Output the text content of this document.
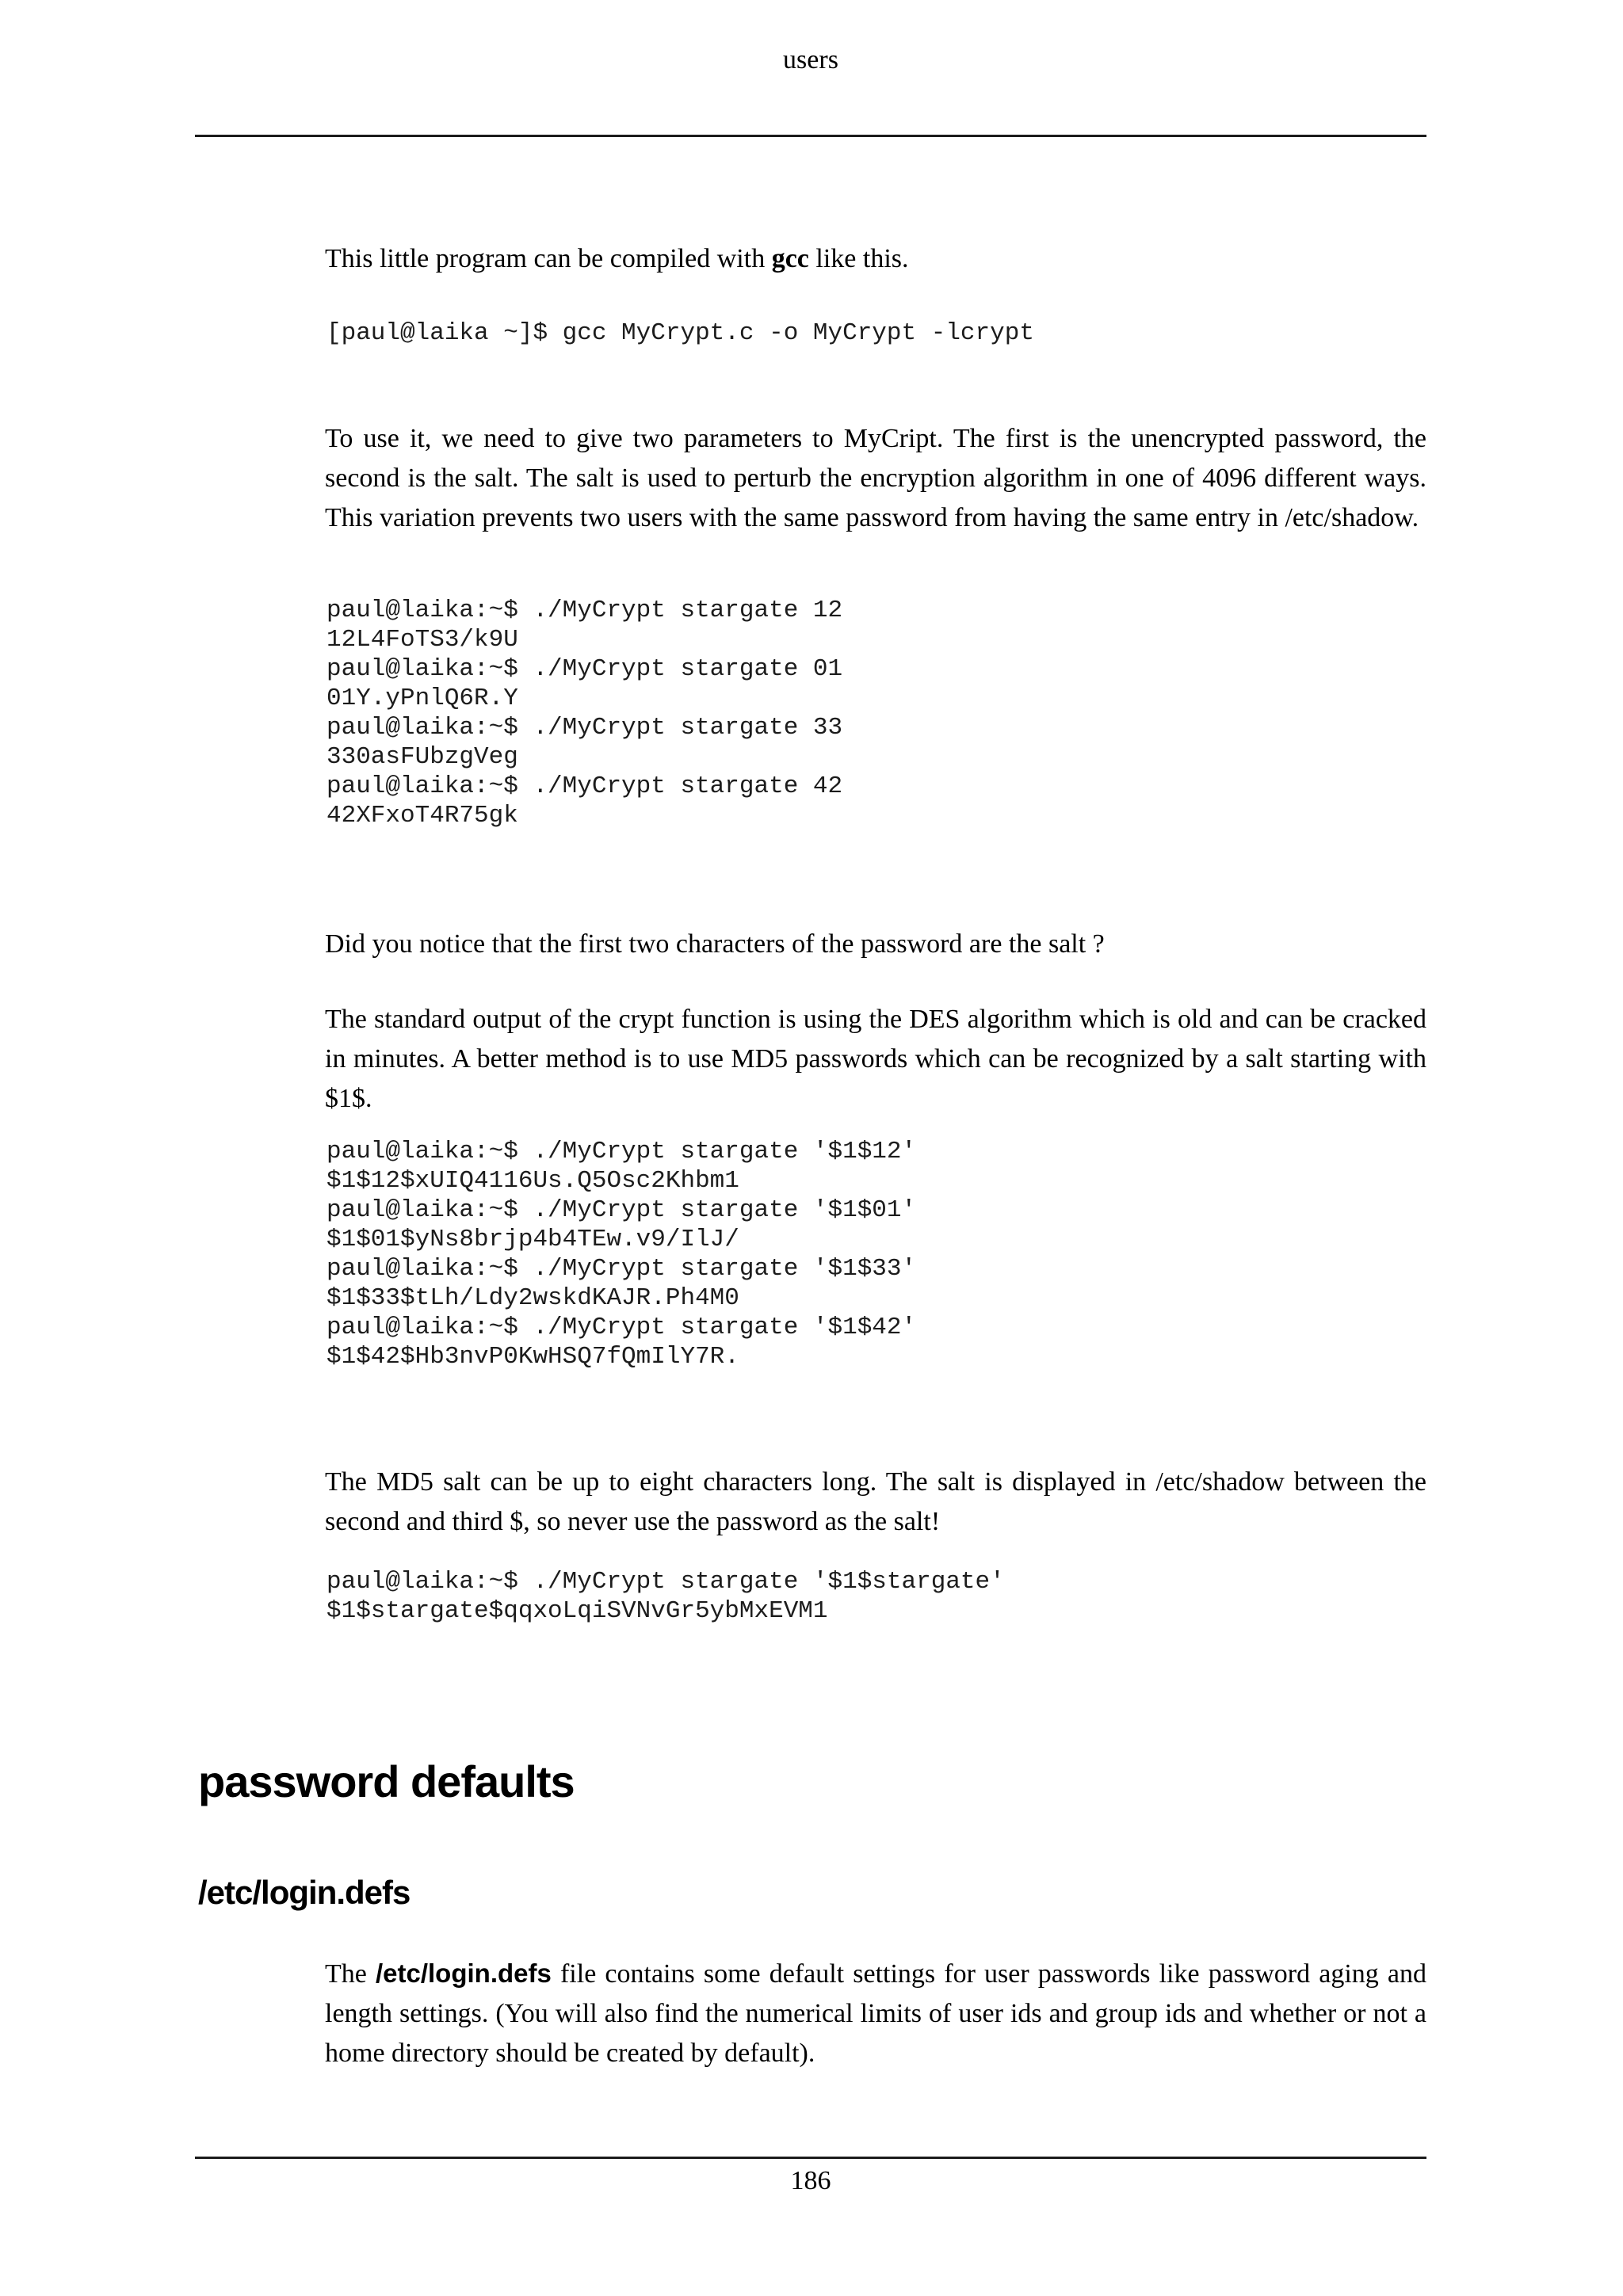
users

This little program can be compiled with gcc like this.

[paul@laika ~]$ gcc MyCrypt.c -o MyCrypt -lcrypt

To use it, we need to give two parameters to MyCript. The first is the unencrypted password, the second is the salt. The salt is used to perturb the encryption algorithm in one of 4096 different ways. This variation prevents two users with the same password from having the same entry in /etc/shadow.

paul@laika:~$ ./MyCrypt stargate 12
12L4FoTS3/k9U
paul@laika:~$ ./MyCrypt stargate 01
01Y.yPnlQ6R.Y
paul@laika:~$ ./MyCrypt stargate 33
330asFUbzgVeg
paul@laika:~$ ./MyCrypt stargate 42
42XFxoT4R75gk

Did you notice that the first two characters of the password are the salt ?

The standard output of the crypt function is using the DES algorithm which is old and can be cracked in minutes. A better method is to use MD5 passwords which can be recognized by a salt starting with $1$.

paul@laika:~$ ./MyCrypt stargate '$1$12'
$1$12$xUIQ4116Us.Q5Osc2Khbm1
paul@laika:~$ ./MyCrypt stargate '$1$01'
$1$01$yNs8brjp4b4TEw.v9/IlJ/
paul@laika:~$ ./MyCrypt stargate '$1$33'
$1$33$tLh/Ldy2wskdKAJR.Ph4M0
paul@laika:~$ ./MyCrypt stargate '$1$42'
$1$42$Hb3nvP0KwHSQ7fQmIlY7R.

The MD5 salt can be up to eight characters long. The salt is displayed in /etc/shadow between the second and third $, so never use the password as the salt!

paul@laika:~$ ./MyCrypt stargate '$1$stargate'
$1$stargate$qqxoLqiSVNvGr5ybMxEVM1
password defaults
/etc/login.defs

The /etc/login.defs file contains some default settings for user passwords like password aging and length settings. (You will also find the numerical limits of user ids and group ids and whether or not a home directory should be created by default).

186
